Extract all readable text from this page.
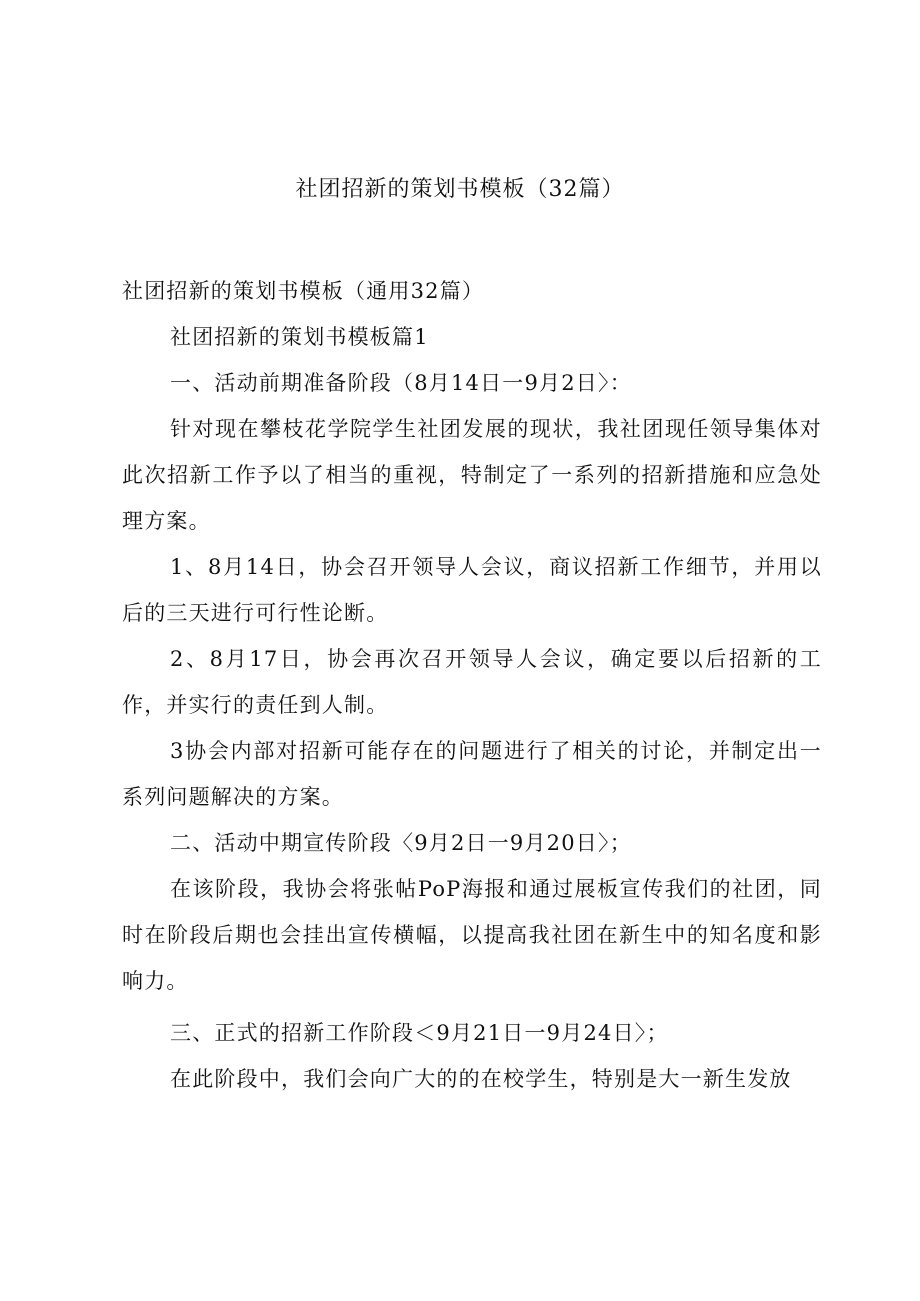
社团招新的策划书模板（32篇）

社团招新的策划书模板（通用32篇）

社团招新的策划书模板篇1

一、活动前期准备阶段（8月14日一9月2日〉：

针对现在攀枝花学院学生社团发展的现状，我社团现任领导集体对此次招新工作予以了相当的重视，特制定了一系列的招新措施和应急处理方案。

1、8月14日，协会召开领导人会议，商议招新工作细节，并用以后的三天进行可行性论断。

2、8月17日，协会再次召开领导人会议，确定要以后招新的工作，并实行的责任到人制。

3协会内部对招新可能存在的问题进行了相关的讨论，并制定出一系列问题解决的方案。

二、活动中期宣传阶段〈9月2日一9月20日〉；

在该阶段，我协会将张帖PoP海报和通过展板宣传我们的社团，同时在阶段后期也会挂出宣传横幅，以提高我社团在新生中的知名度和影响力。

三、正式的招新工作阶段＜9月21日一9月24日〉；

在此阶段中，我们会向广大的的在校学生，特别是大一新生发放
